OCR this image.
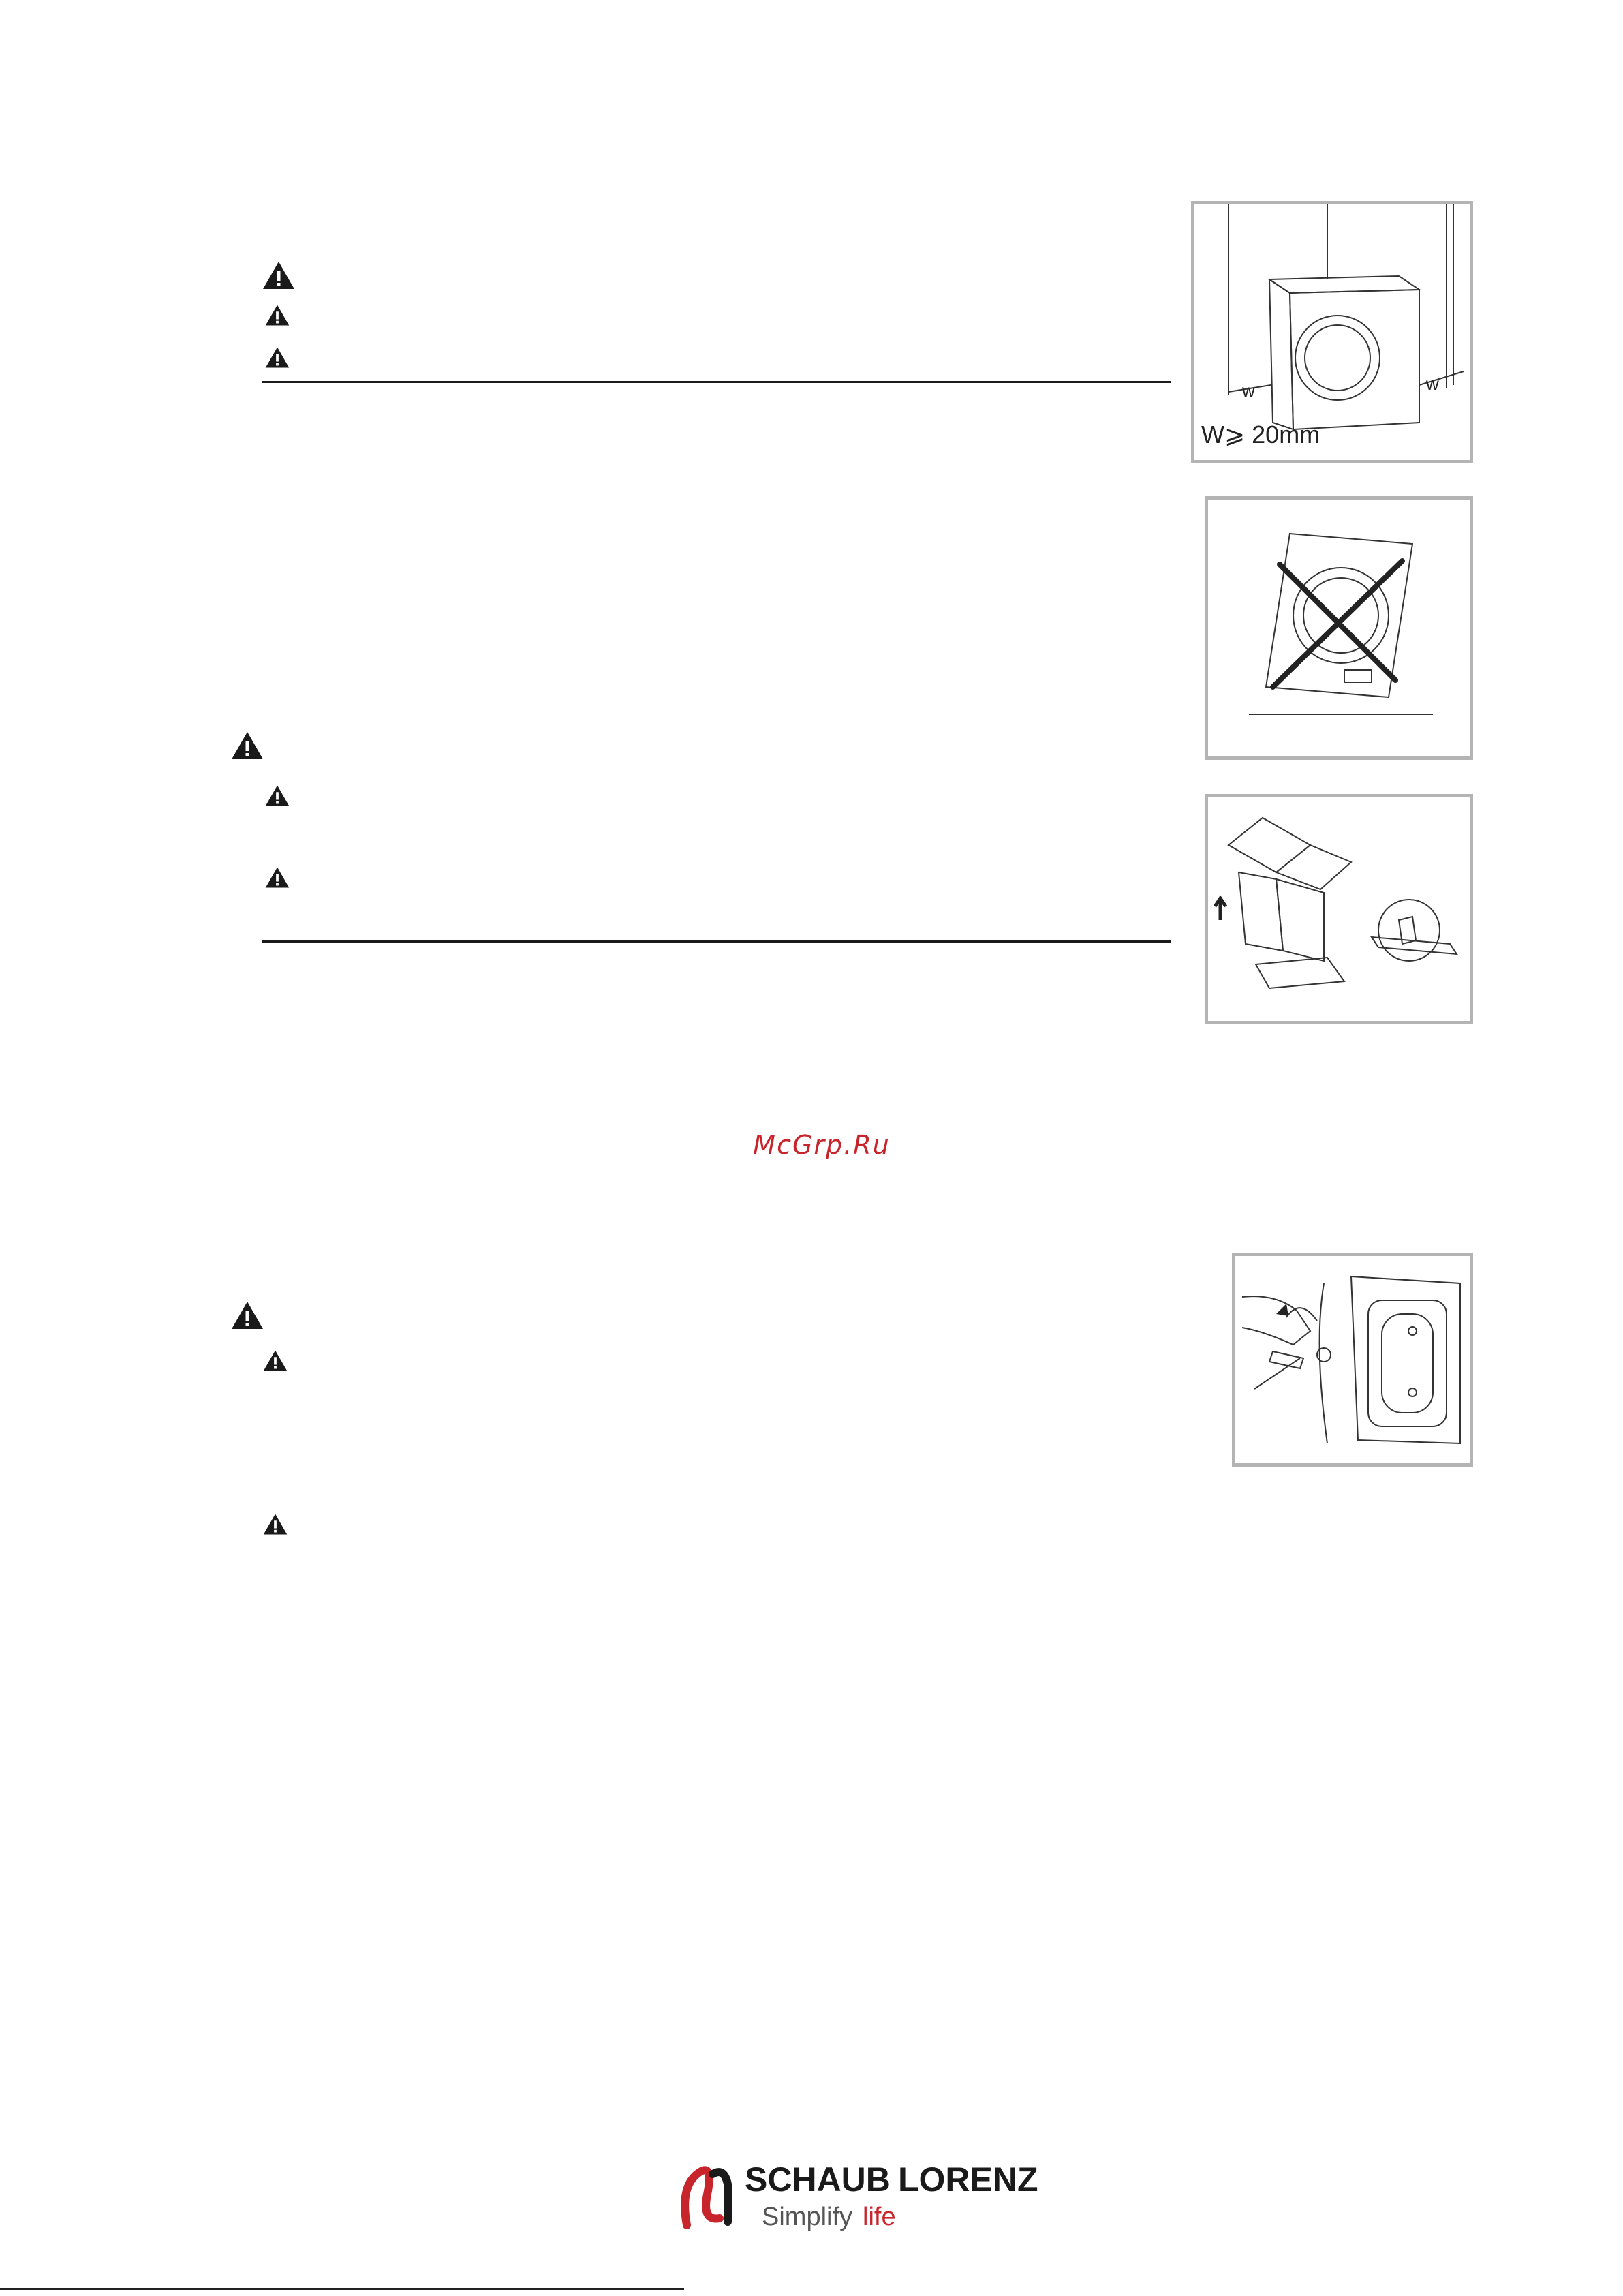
w	w
W⩾ 20mm
McGrp.Ru
SCHAUB LORENZ
Simplify life
